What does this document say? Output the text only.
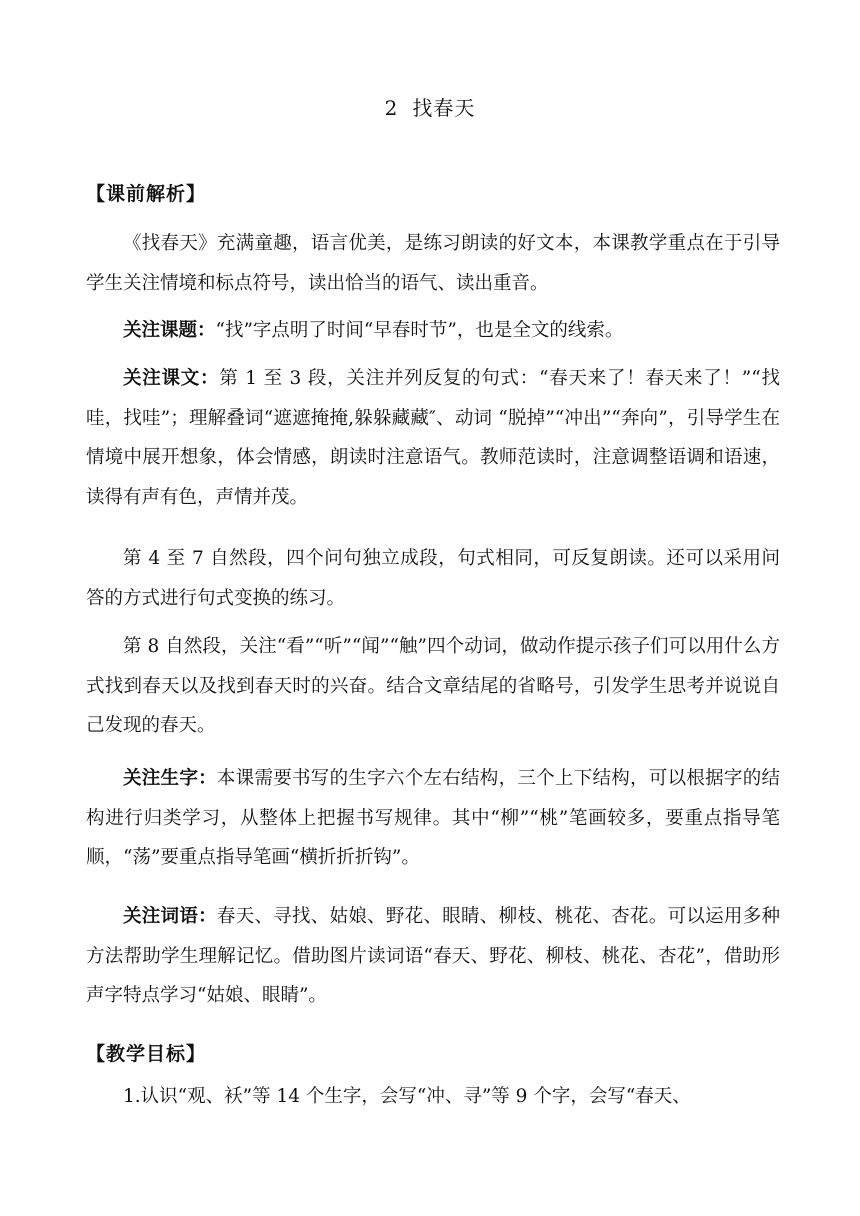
2 找春天
【课前解析】
《找春天》充满童趣，语言优美，是练习朗读的好文本，本课教学重点在于引导学生关注情境和标点符号，读出恰当的语气、读出重音。
关注课题：“找”字点明了时间“早春时节”，也是全文的线索。
关注课文：第 1 至 3 段，关注并列反复的句式：“春天来了！春天来了！”“找哇，找哇”；理解叠词“遮遮掩掩,躲躲藏藏″、动词 “脱掉”“冲出”“奔向”，引导学生在情境中展开想象，体会情感，朗读时注意语气。教师范读时，注意调整语调和语速，读得有声有色，声情并茂。
第 4 至 7 自然段，四个问句独立成段，句式相同，可反复朗读。还可以采用问答的方式进行句式变换的练习。
第 8 自然段，关注“看”“听”“闻”“触”四个动词，做动作提示孩子们可以用什么方式找到春天以及找到春天时的兴奋。结合文章结尾的省略号，引发学生思考并说说自己发现的春天。
关注生字：本课需要书写的生字六个左右结构，三个上下结构，可以根据字的结构进行归类学习，从整体上把握书写规律。其中“柳”“桃”笔画较多，要重点指导笔顺，“荡”要重点指导笔画“横折折折钩”。
关注词语：春天、寻找、姑娘、野花、眼睛、柳枝、桃花、杏花。可以运用多种方法帮助学生理解记忆。借助图片读词语“春天、野花、柳枝、桃花、杏花”，借助形声字特点学习“姑娘、眼睛”。
【教学目标】
1.认识“观、袄”等 14 个生字，会写“冲、寻”等 9 个字，会写“春天、
